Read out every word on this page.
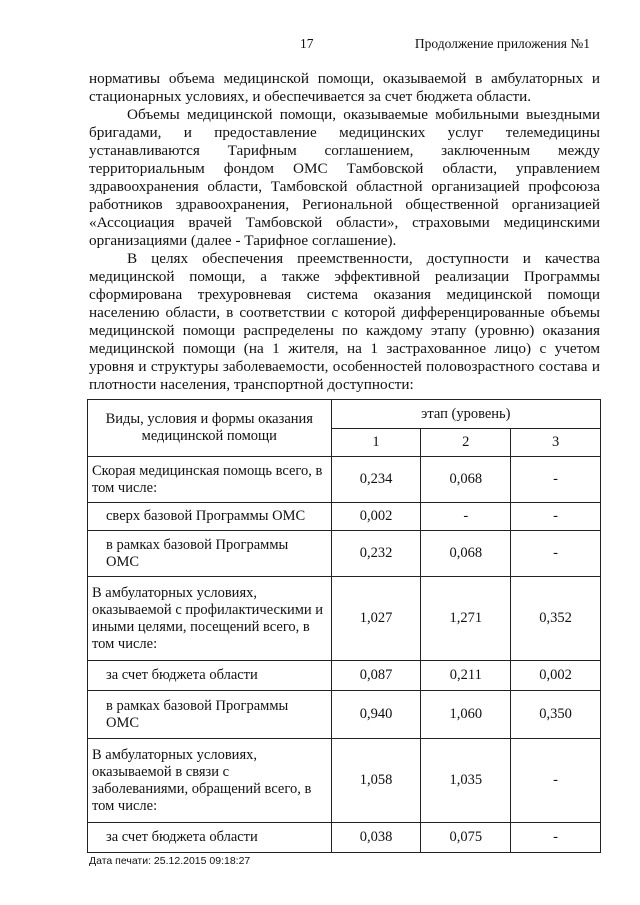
17	Продолжение приложения №1

нормативы объема медицинской помощи, оказываемой в амбулаторных и стационарных условиях, и обеспечивается за счет бюджета области.

Объемы медицинской помощи, оказываемые мобильными выездными бригадами, и предоставление медицинских услуг телемедицины устанавливаются Тарифным соглашением, заключенным между территориальным фондом ОМС Тамбовской области, управлением здравоохранения области, Тамбовской областной организацией профсоюза работников здравоохранения, Региональной общественной организацией «Ассоциация врачей Тамбовской области», страховыми медицинскими организациями (далее - Тарифное соглашение).

В целях обеспечения преемственности, доступности и качества медицинской помощи, а также эффективной реализации Программы сформирована трехуровневая система оказания медицинской помощи населению области, в соответствии с которой дифференцированные объемы медицинской помощи распределены по каждому этапу (уровню) оказания медицинской помощи (на 1 жителя, на 1 застрахованное лицо) с учетом уровня и структуры заболеваемости, особенностей половозрастного состава и плотности населения, транспортной доступности:

Виды, условия и формы оказания медицинской помощи	этап (уровень)		
	1	2	3
Скорая медицинская помощь всего, в том числе:	0,234	0,068	-
сверх базовой Программы ОМС	0,002	-	-
в рамках базовой Программы ОМС	0,232	0,068	-
В амбулаторных условиях, оказываемой с профилактическими и иными целями, посещений всего, в том числе:	1,027	1,271	0,352
за счет бюджета области	0,087	0,211	0,002
в рамках базовой Программы ОМС	0,940	1,060	0,350
В амбулаторных условиях, оказываемой в связи с заболеваниями, обращений всего, в том числе:	1,058	1,035	-
за счет бюджета области	0,038	0,075	-
Дата печати: 25.12.2015 09:18:27
